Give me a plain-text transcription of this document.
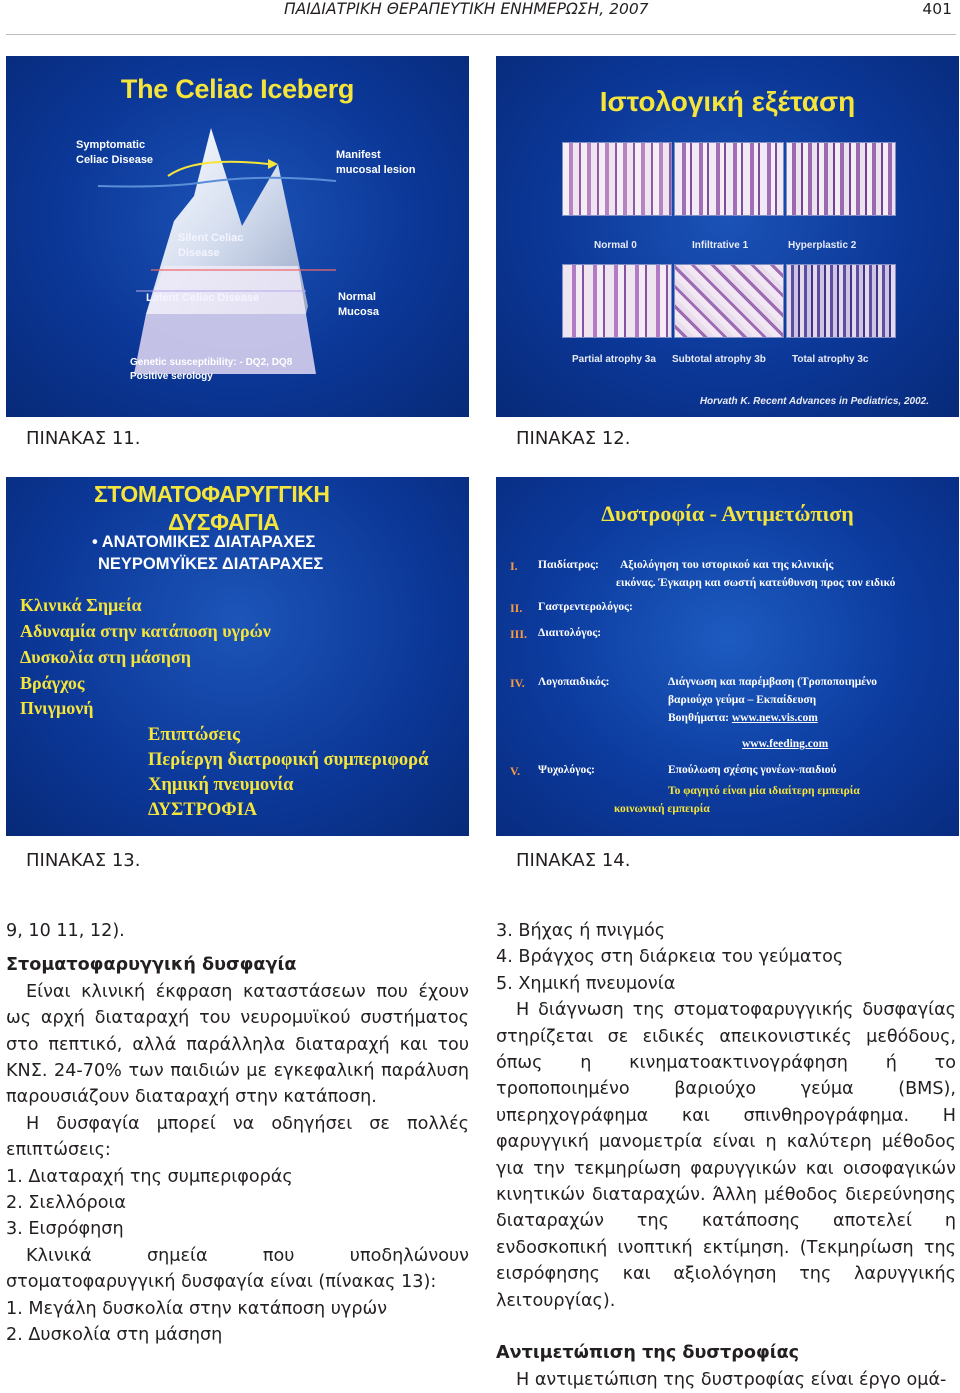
ΠΑΙΔΙΑΤΡΙΚΗ ΘΕΡΑΠΕΥΤΙΚΗ ΕΝΗΜΕΡΩΣΗ, 2007	401
The Celiac Iceberg
Symptomatic
Celiac Disease	Manifest
mucosal lesion
Silent Celiac
Disease
Latent Celiac Disease	Normal
Mucosa
Genetic susceptibility: - DQ2, DQ8
Positive serology
ΠΙΝΑΚΑΣ 11.
Ιστολογική εξέταση
Normal 0	Infiltrative 1	Hyperplastic 2
Partial atrophy 3a Subtotal atrophy 3b	Total atrophy 3c
Horvath K. Recent Advances in Pediatrics, 2002.
ΠΙΝΑΚΑΣ 12.
ΣΤΟΜΑΤΟΦΑΡΥΓΓΙΚΗ
ΔΥΣΦΑΓΙΑ
• ΑΝΑΤΟΜΙΚΕΣ ΔΙΑΤΑΡΑΧΕΣ
ΝΕΥΡΟΜΥΪΚΕΣ ΔΙΑΤΑΡΑΧΕΣ
Κλινικά Σημεία
Αδυναμία στην κατάποση υγρών
Δυσκολία στη μάσηση
Βράγχος
Πνιγμονή
Επιπτώσεις
Περίεργη διατροφική συμπεριφορά
Χημική πνευμονία
ΔΥΣΤΡΟΦΙΑ
ΠΙΝΑΚΑΣ 13.
Δυστροφία - Αντιμετώπιση
I. Παιδίατρος: Αξιολόγηση του ιστορικού και της κλινικής
εικόνας. Έγκαιρη και σωστή κατεύθυνση προς τον ειδικό
II. Γαστρεντερολόγος:
III. Διαιτολόγος:
IV. Λογοπαιδικός:	Διάγνωση και παρέμβαση (Τροποποιημένο
βαριούχο γεύμα – Εκπαίδευση
Βοηθήματα: www.new.vis.com
www.feeding.com
V. Ψυχολόγος:	Επούλωση σχέσης γονέων-παιδιού
Το φαγητό είναι μία ιδιαίτερη εμπειρία
κοινωνική εμπειρία
ΠΙΝΑΚΑΣ 14.

9, 10 11, 12).

Στοματοφαρυγγική δυσφαγία

Είναι κλινική έκφραση καταστάσεων που έχουν ως αρχή διαταραχή του νευρομυϊκού συστήματος στο πεπτικό, αλλά παράλληλα διαταραχή και του ΚΝΣ. 24-70% των παιδιών με εγκεφαλική παράλυση παρουσιάζουν διαταραχή στην κατάποση.

Η δυσφαγία μπορεί να οδηγήσει σε πολλές επιπτώσεις:

1. Διαταραχή της συμπεριφοράς

2. Σιελλόροια

3. Εισρόφηση

Κλινικά σημεία που υποδηλώνουν στοματοφαρυγγική δυσφαγία είναι (πίνακας 13):

1. Μεγάλη δυσκολία στην κατάποση υγρών

2. Δυσκολία στη μάσηση

3. Βήχας ή πνιγμός

4. Βράγχος στη διάρκεια του γεύματος

5. Χημική πνευμονία

Η διάγνωση της στοματοφαρυγγικής δυσφαγίας στηρίζεται σε ειδικές απεικονιστικές μεθόδους, όπως η κινηματοακτινογράφηση ή το τροποποιημένο βαριούχο γεύμα (BMS), υπερηχογράφημα και σπινθηρογράφημα. Η φαρυγγική μανομετρία είναι η καλύτερη μέθοδος για την τεκμηρίωση φαρυγγικών και οισοφαγικών κινητικών διαταραχών. Άλλη μέθοδος διερεύνησης διαταραχών της κατάποσης αποτελεί η ενδοσκοπική ινοπτική εκτίμηση. (Τεκμηρίωση της εισρόφησης και αξιολόγηση της λαρυγγικής λειτουργίας).

Αντιμετώπιση της δυστροφίας

Η αντιμετώπιση της δυστροφίας είναι έργο ομά-
